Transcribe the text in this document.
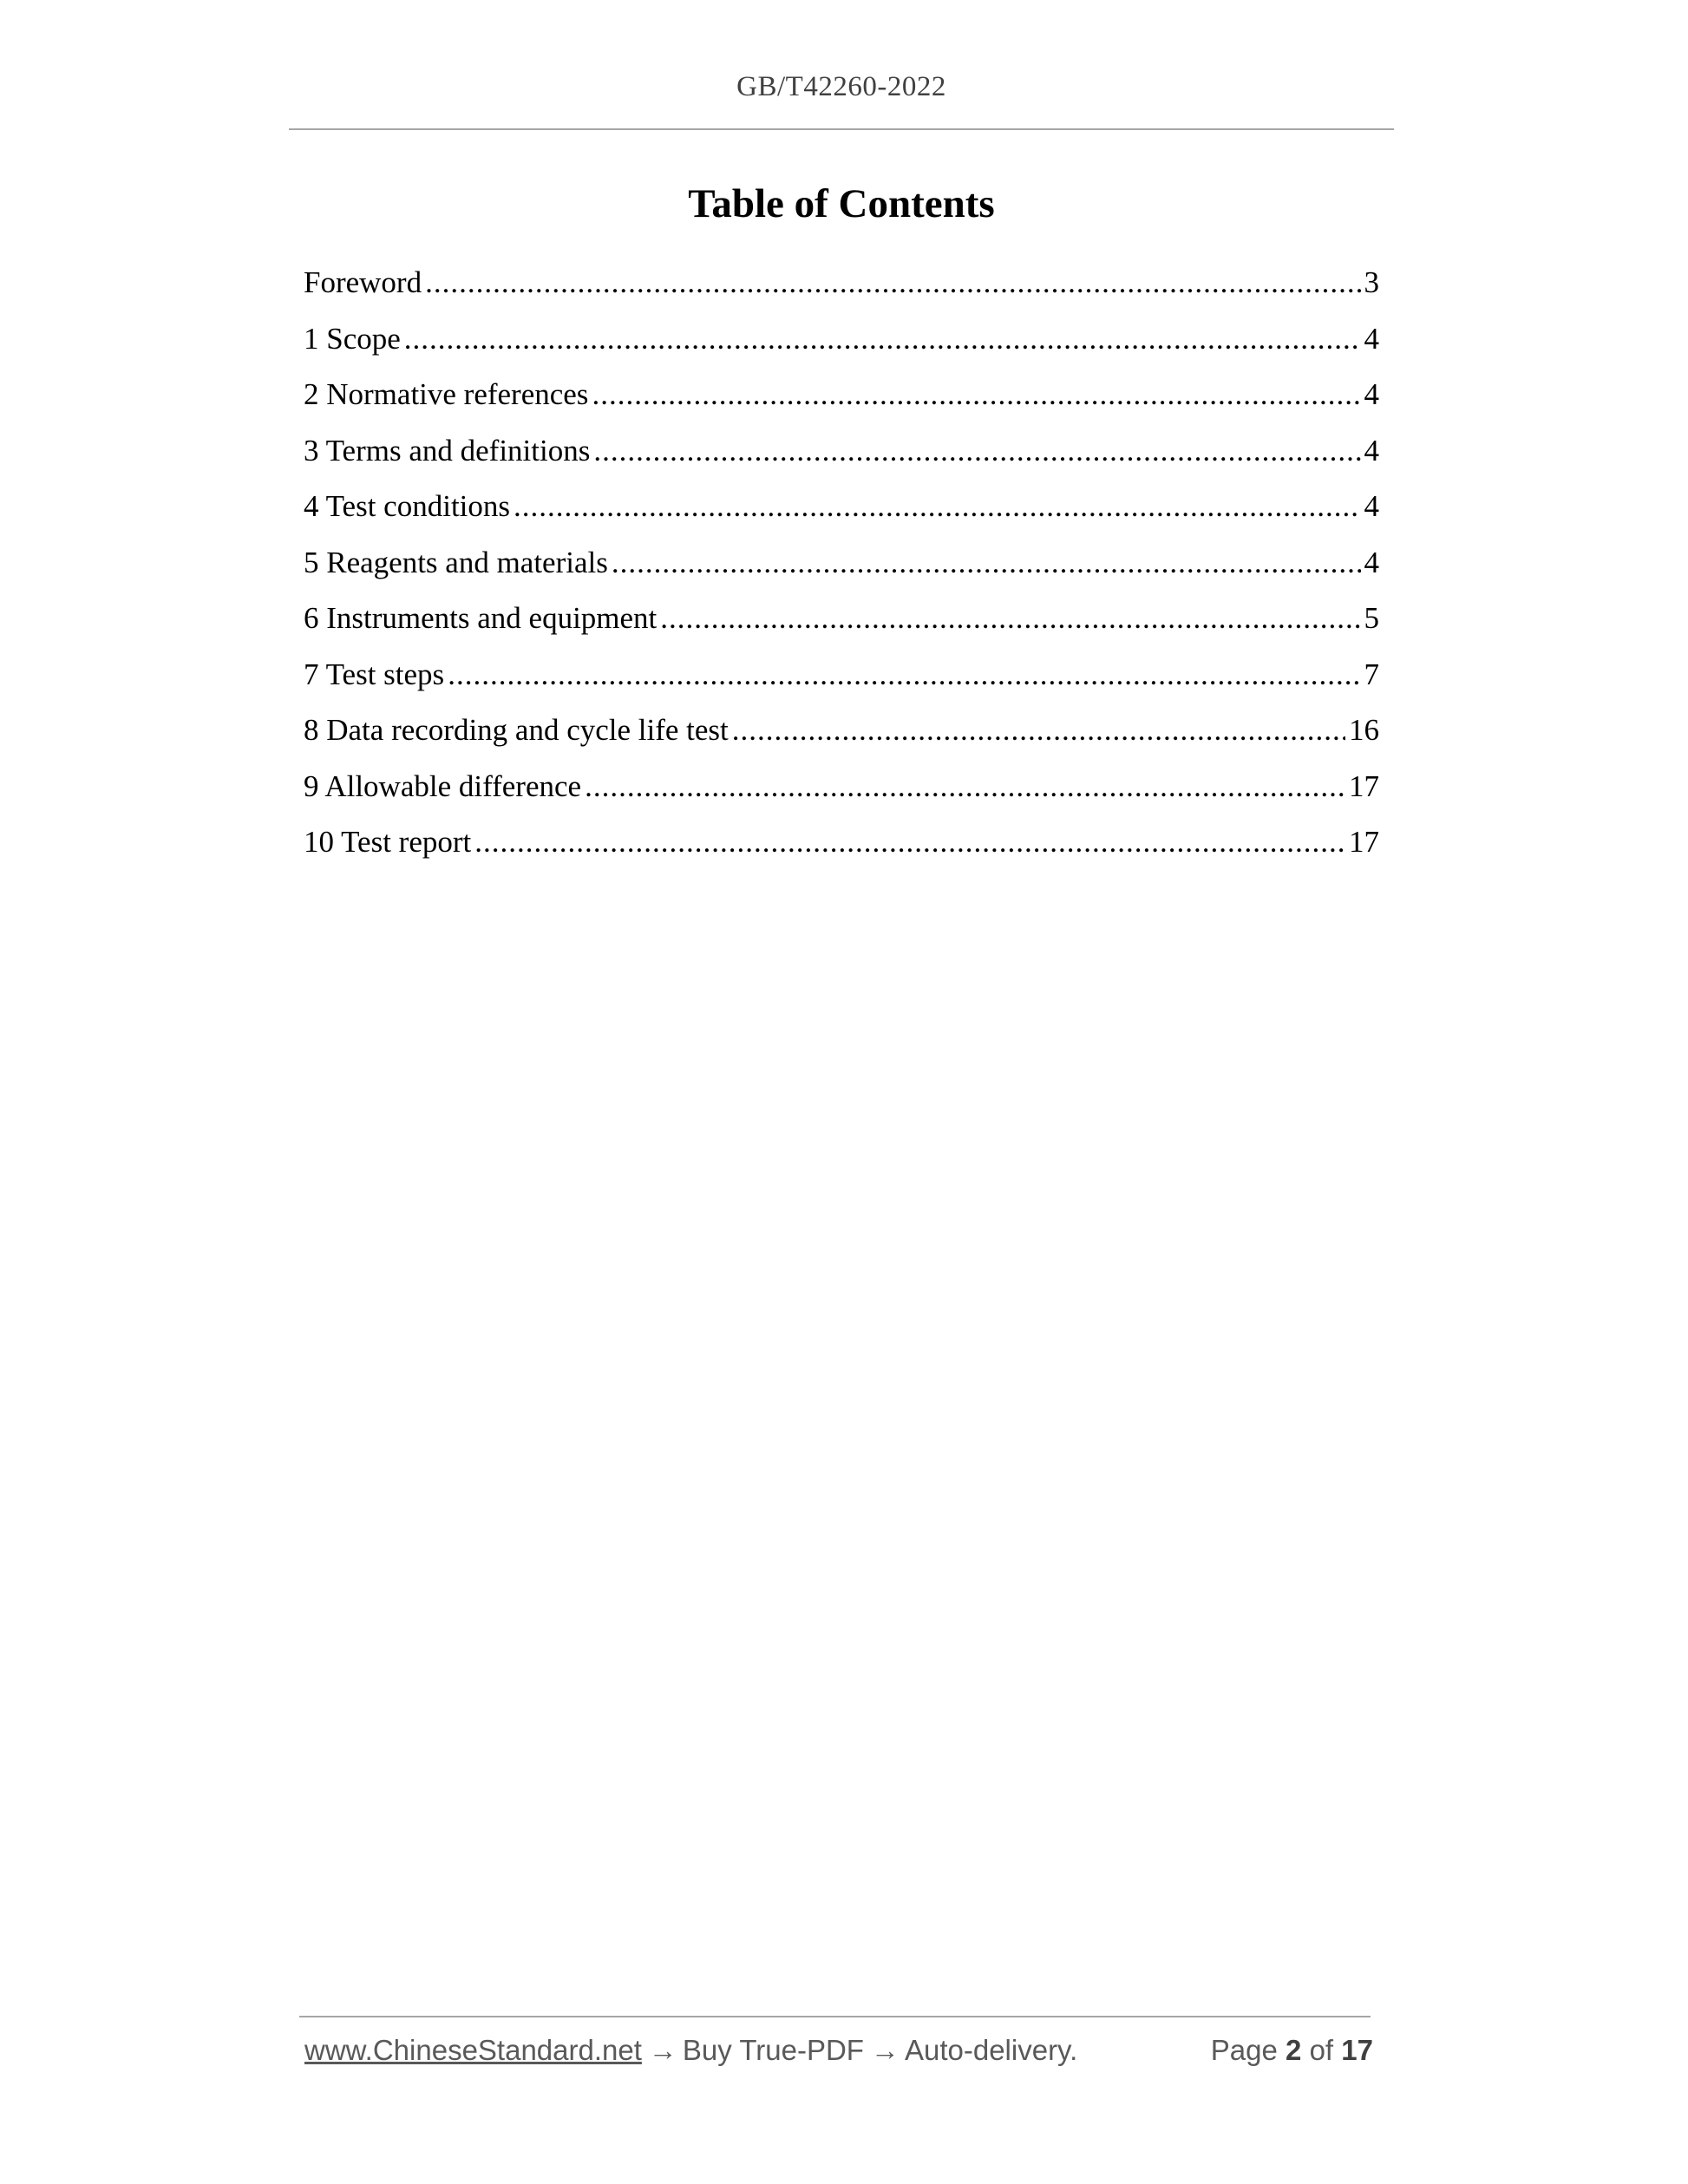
GB/T42260-2022
Table of Contents
Foreword .....	3
1 Scope .....	4
2 Normative references .....	4
3 Terms and definitions .....	4
4 Test conditions .....	4
5 Reagents and materials .....	4
6 Instruments and equipment .....	5
7 Test steps .....	7
8 Data recording and cycle life test .....	16
9 Allowable difference .....	17
10 Test report .....	17
www.ChineseStandard.net → Buy True-PDF → Auto-delivery.	Page 2 of 17
